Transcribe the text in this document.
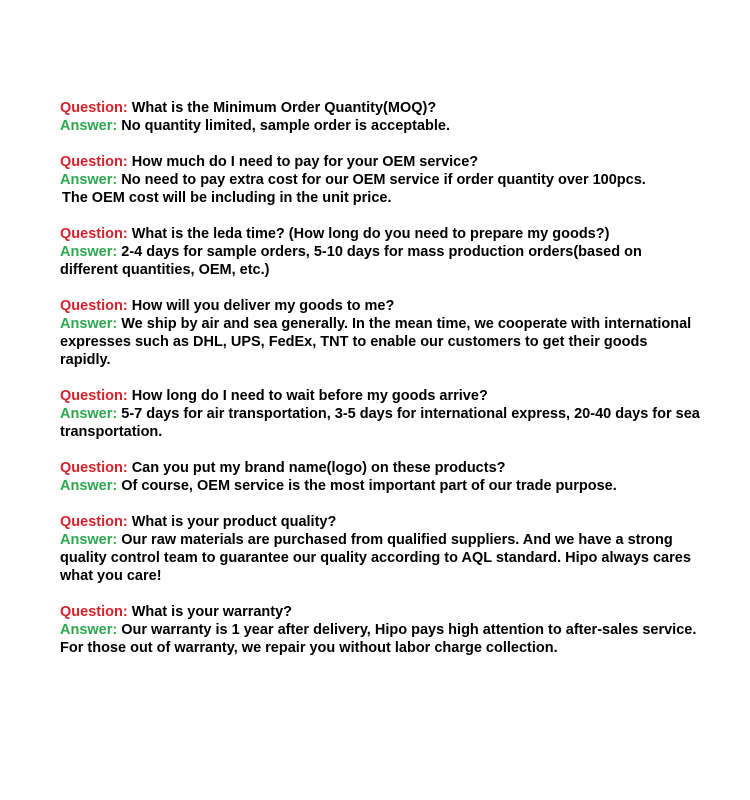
Question: What is the Minimum Order Quantity(MOQ)?
Answer: No quantity limited, sample order is acceptable.
Question: How much do I need to pay for your OEM service?
Answer: No need to pay extra cost for our OEM service if order quantity over 100pcs.
The OEM cost will be including in the unit price.
Question: What is the leda time? (How long do you need to prepare my goods?)
Answer: 2-4 days for sample orders, 5-10 days for mass production orders(based on different quantities, OEM, etc.)
Question: How will you deliver my goods to me?
Answer: We ship by air and sea generally. In the mean time, we cooperate with international expresses such as DHL, UPS, FedEx, TNT to enable our customers to get their goods rapidly.
Question: How long do I need to wait before my goods arrive?
Answer: 5-7 days for air transportation, 3-5 days for international express, 20-40 days for sea transportation.
Question: Can you put my brand name(logo) on these products?
Answer: Of course, OEM service is the most important part of our trade purpose.
Question: What is your product quality?
Answer: Our raw materials are purchased from qualified suppliers. And we have a strong quality control team to guarantee our quality according to AQL standard. Hipo always cares what you care!
Question: What is your warranty?
Answer: Our warranty is 1 year after delivery, Hipo pays high attention to after-sales service. For those out of warranty, we repair you without labor charge collection.
